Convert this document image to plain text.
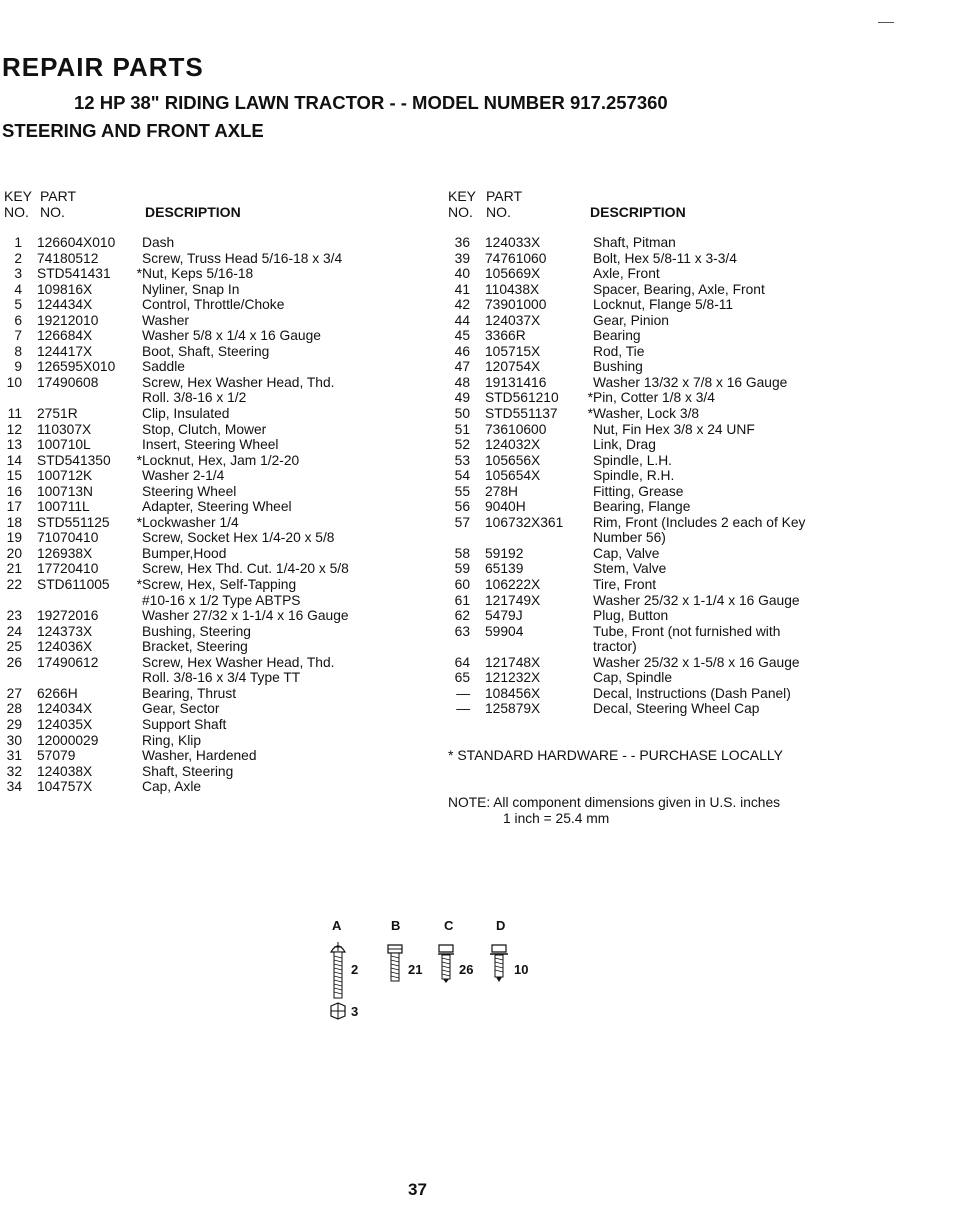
REPAIR PARTS
12 HP 38" RIDING LAWN TRACTOR - - MODEL NUMBER 917.257360
STEERING AND FRONT AXLE
KEY PART
NO. NO.	DESCRIPTION
KEY PART
NO. NO.	DESCRIPTION
1	126604X010	Dash
2	74180512	Screw, Truss Head 5/16-18 x 3/4
3	STD541431	* Nut, Keps 5/16-18
4	109816X	Nyliner, Snap In
5	124434X	Control, Throttle/Choke
6	19212010	Washer
7	126684X	Washer 5/8 x 1/4 x 16 Gauge
8	124417X	Boot, Shaft, Steering
9	126595X010	Saddle
10	17490608	Screw, Hex Washer Head, Thd.
Roll. 3/8-16 x 1/2
11	2751R	Clip, Insulated
12	110307X	Stop, Clutch, Mower
13	100710L	Insert, Steering Wheel
14	STD541350	* Locknut, Hex, Jam 1/2-20
15	100712K	Washer 2-1/4
16	100713N	Steering Wheel
17	100711L	Adapter, Steering Wheel
18	STD551125	* Lockwasher 1/4
19	71070410	Screw, Socket Hex 1/4-20 x 5/8
20	126938X	Bumper,Hood
21	17720410	Screw, Hex Thd. Cut. 1/4-20 x 5/8
22	STD611005	* Screw, Hex, Self-Tapping
#10-16 x 1/2 Type ABTPS
23	19272016	Washer 27/32 x 1-1/4 x 16 Gauge
24	124373X	Bushing, Steering
25	124036X	Bracket, Steering
26	17490612	Screw, Hex Washer Head, Thd.
Roll. 3/8-16 x 3/4 Type TT
27	6266H	Bearing, Thrust
28	124034X	Gear, Sector
29	124035X	Support Shaft
30	12000029	Ring, Klip
31	57079	Washer, Hardened
32	124038X	Shaft, Steering
34	104757X	Cap, Axle
36	124033X	Shaft, Pitman
39	74761060	Bolt, Hex 5/8-11 x 3-3/4
40	105669X	Axle, Front
41	110438X	Spacer, Bearing, Axle, Front
42	73901000	Locknut, Flange 5/8-11
44	124037X	Gear, Pinion
45	3366R	Bearing
46	105715X	Rod, Tie
47	120754X	Bushing
48	19131416	Washer 13/32 x 7/8 x 16 Gauge
49	STD561210	* Pin, Cotter 1/8 x 3/4
50	STD551137	* Washer, Lock 3/8
51	73610600	Nut, Fin Hex 3/8 x 24 UNF
52	124032X	Link, Drag
53	105656X	Spindle, L.H.
54	105654X	Spindle, R.H.
55	278H	Fitting, Grease
56	9040H	Bearing, Flange
57	106732X361	Rim, Front (Includes 2 each of Key
Number 56)
58	59192	Cap, Valve
59	65139	Stem, Valve
60	106222X	Tire, Front
61	121749X	Washer 25/32 x 1-1/4 x 16 Gauge
62	5479J	Plug, Button
63	59904	Tube, Front (not furnished with
tractor)
64	121748X	Washer 25/32 x 1-5/8 x 16 Gauge
65	121232X	Cap, Spindle
—	108456X	Decal, Instructions (Dash Panel)
—	125879X	Decal, Steering Wheel Cap
* STANDARD HARDWARE - - PURCHASE LOCALLY
NOTE: All component dimensions given in U.S. inches
1 inch = 25.4 mm
A	B	C	D
2
3
21	26	10
37
